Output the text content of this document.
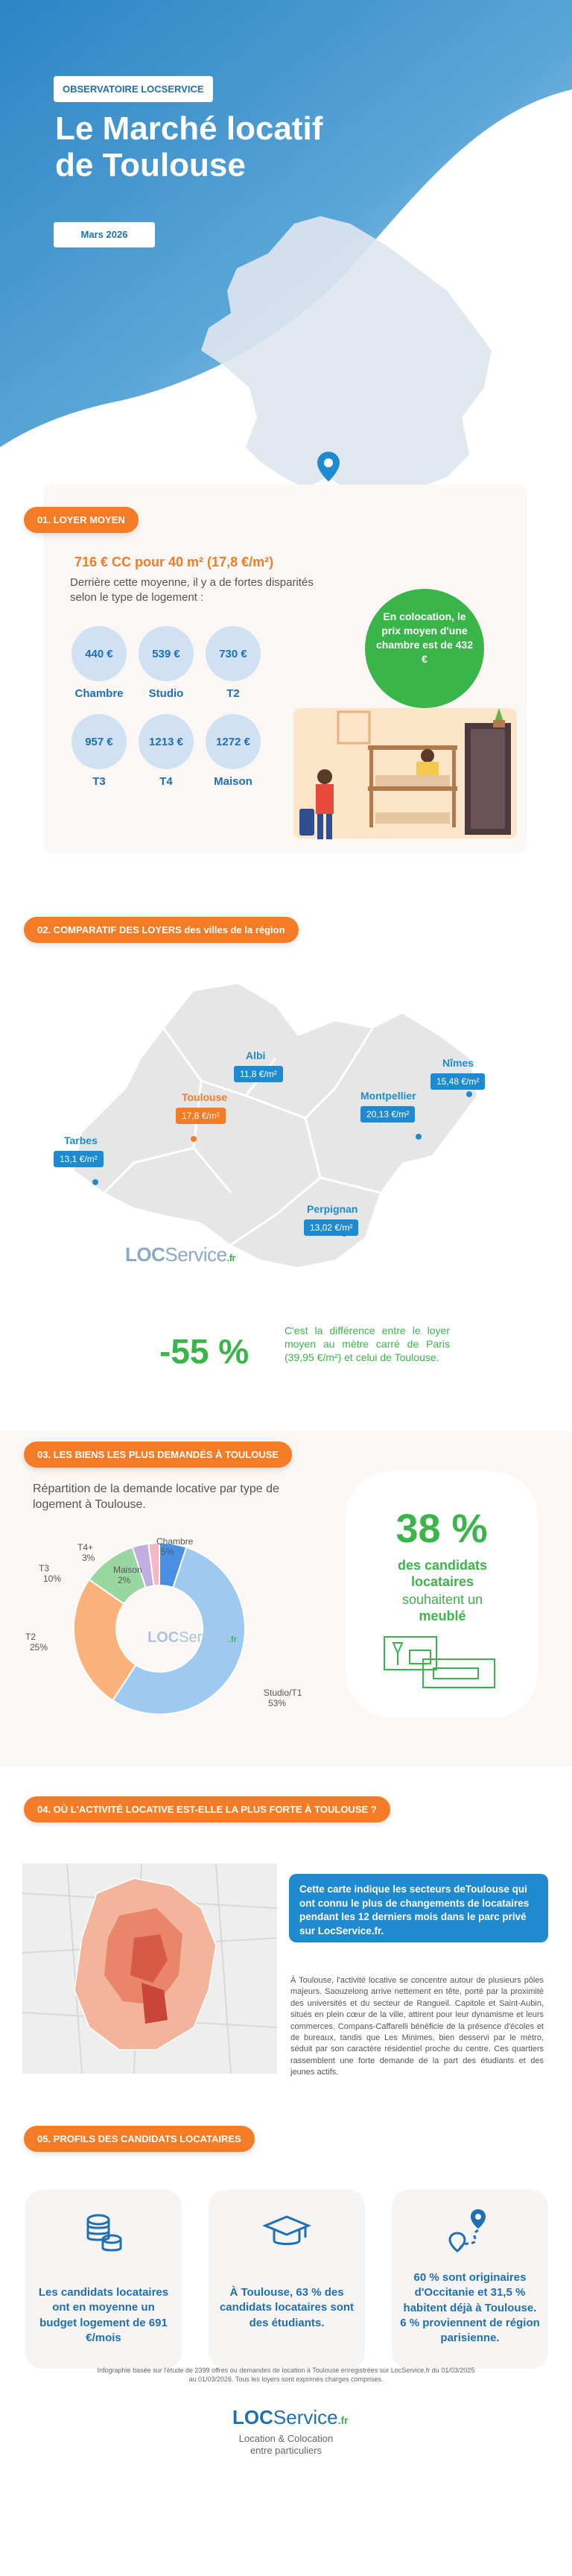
OBSERVATOIRE LOCSERVICE
Le Marché locatif
de Toulouse
Mars 2026
01. LOYER MOYEN
716 € CC pour 40 m² (17,8 €/m²)
Derrière cette moyenne, il y a de fortes disparités selon le type de logement :
440 €	539 €	730 €
Chambre	Studio	T2
957 €	1213 €	1272 €
T3	T4	Maison
En colocation, le prix moyen d'une chambre est de 432 €
02. COMPARATIF DES LOYERS des villes de la région
Albi
11,8 €/m²
Nîmes
15,48 €/m²
Toulouse
17,8 €/m²
Montpellier
20,13 €/m²
Tarbes
13,1 €/m²
Perpignan
13,02 €/m²
LOCService.fr
-55 %
C'est la différence entre le loyer moyen au mètre carré de Paris (39,95 €/m²) et celui de Toulouse.
03. LES BIENS LES PLUS DEMANDÉS À TOULOUSE
Répartition de la demande locative par type de logement à Toulouse.
Studio/T1 53%
T2 25%
T3 10%
T4+ 3%
Maison 2%
Chambre 5%
LOCService.fr
38 %
des candidats locataires
souhaitent un
meublé
04. OÙ L'ACTIVITÉ LOCATIVE EST-ELLE LA PLUS FORTE À TOULOUSE ?
Cette carte indique les secteurs deToulouse qui ont connu le plus de changements de locataires pendant les 12 derniers mois dans le parc privé sur LocService.fr.
À Toulouse, l'activité locative se concentre autour de plusieurs pôles majeurs. Saouzelong arrive nettement en tête, porté par la proximité des universités et du secteur de Rangueil. Capitole et Saint-Aubin, situés en plein cœur de la ville, attirent pour leur dynamisme et leurs commerces. Compans-Caffarelli bénéficie de la présence d'écoles et de bureaux, tandis que Les Minimes, bien desservi par le métro, séduit par son caractère résidentiel proche du centre. Ces quartiers rassemblent une forte demande de la part des étudiants et des jeunes actifs.
05. PROFILS DES CANDIDATS LOCATAIRES
Les candidats locataires ont en moyenne un budget logement de 691 €/mois
À Toulouse, 63 % des candidats locataires sont des étudiants.
60 % sont originaires d'Occitanie et 31,5 % habitent déjà à Toulouse. 6 % proviennent de région parisienne.
Infographie basée sur l'étude de 2399 offres ou demandes de location à Toulouse enregistrées sur LocService.fr du 01/03/2025 au 01/03/2026. Tous les loyers sont exprimés charges comprises.
LOCService.fr
Location & Colocation
entre particuliers
